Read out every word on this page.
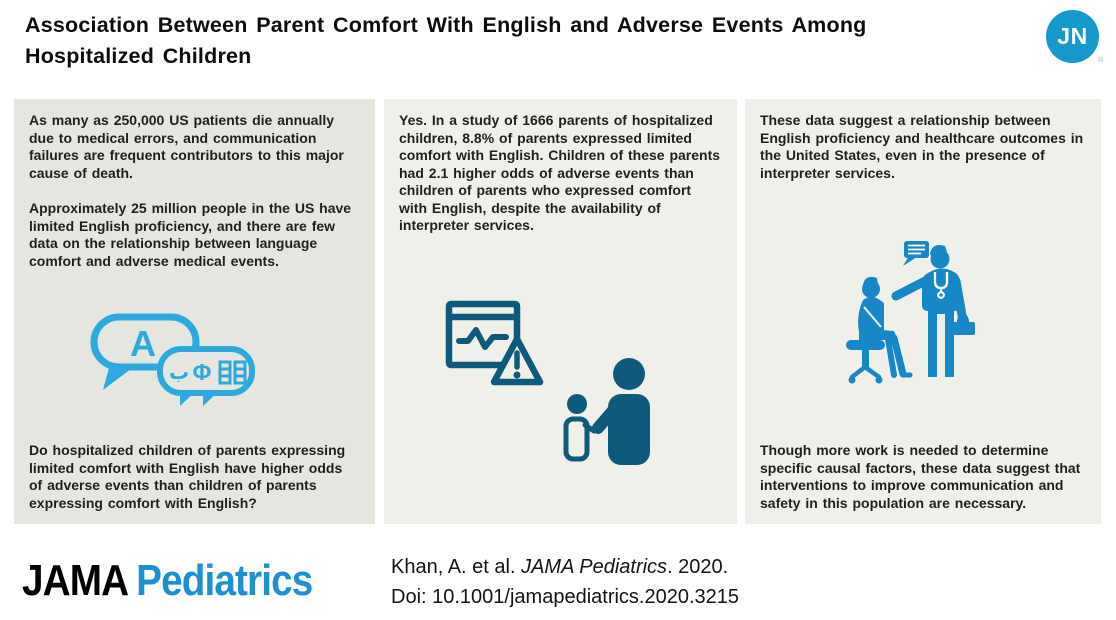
Association Between Parent Comfort With English and Adverse Events Among
Hospitalized Children
JN
®

As many as 250,000 US patients die annually due to medical errors, and communication failures are frequent contributors to this major cause of death.

Approximately 25 million people in the US have limited English proficiency, and there are few data on the relationship between language comfort and adverse medical events.

A
ب Φ

Do hospitalized children of parents expressing limited comfort with English have higher odds of adverse events than children of parents expressing comfort with English?

Yes. In a study of 1666 parents of hospitalized children, 8.8% of parents expressed limited comfort with English. Children of these parents had 2.1 higher odds of adverse events than children of parents who expressed comfort with English, despite the availability of interpreter services.

These data suggest a relationship between English proficiency and healthcare outcomes in the United States, even in the presence of interpreter services.

Though more work is needed to determine specific causal factors, these data suggest that interventions to improve communication and safety in this population are necessary.

JAMA Pediatrics	Khan, A. et al. JAMA Pediatrics. 2020.
Doi: 10.1001/jamapediatrics.2020.3215
